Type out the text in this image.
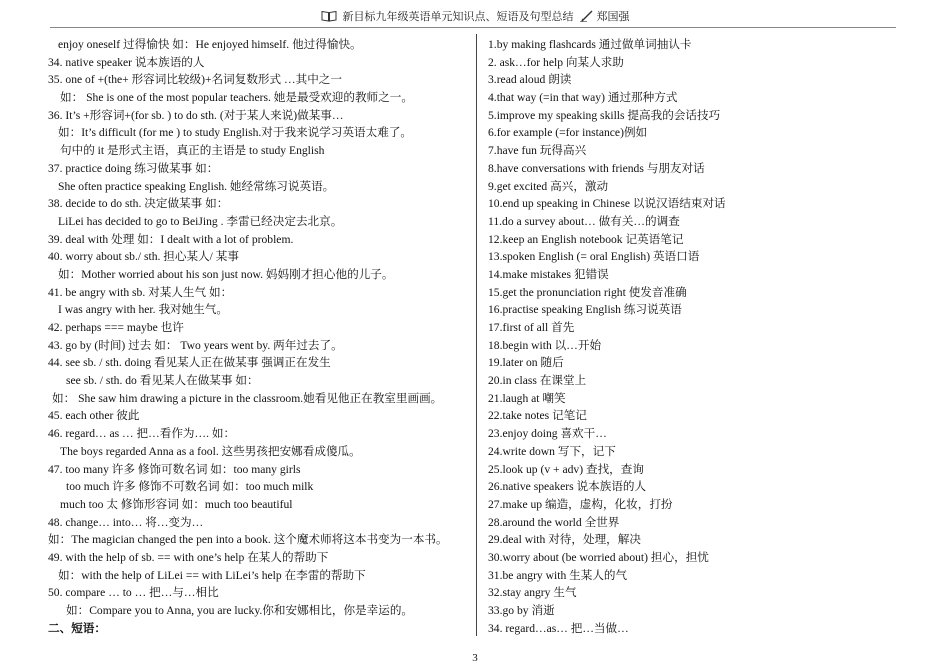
新目标九年级英语单元知识点、短语及句型总结 郑国强
enjoy oneself 过得愉快 如：He enjoyed himself. 他过得愉快。
34. native speaker 说本族语的人
35. one of +(the+ 形容词比较级)+名词复数形式 …其中之一
如： She is one of the most popular teachers. 她是最受欢迎的教师之一。
36. It’s +形容词+(for sb. ) to do sth. (对于某人来说)做某事…
如：It’s difficult (for me ) to study English.对于我来说学习英语太难了。
句中的 it 是形式主语，真正的主语是 to study English
37. practice doing 练习做某事 如：
She often practice speaking English. 她经常练习说英语。
38. decide to do sth. 决定做某事 如：
LiLei has decided to go to BeiJing . 李雷已经决定去北京。
39. deal with 处理 如：I dealt with a lot of problem.
40. worry about sb./ sth. 担心某人/ 某事
如：Mother worried about his son just now. 妈妈刚才担心他的儿子。
41. be angry with sb. 对某人生气 如：
I was angry with her. 我对她生气。
42. perhaps === maybe 也许
43. go by (时间) 过去 如： Two years went by. 两年过去了。
44. see sb. / sth. doing 看见某人正在做某事 强调正在发生
see sb. / sth. do 看见某人在做某事 如：
如： She saw him drawing a picture in the classroom.她看见他正在教室里画画。
45. each other 彼此
46. regard… as … 把…看作为…. 如：
The boys regarded Anna as a fool. 这些男孩把安娜看成傻瓜。
47. too many 许多 修饰可数名词 如：too many girls
too much 许多 修饰不可数名词 如：too much milk
much too 太 修饰形容词 如：much too beautiful
48. change… into… 将…变为…
如：The magician changed the pen into a book. 这个魔术师将这本书变为一本书。
49. with the help of sb. == with one’s help 在某人的帮助下
如：with the help of LiLei == with LiLei’s help 在李雷的帮助下
50. compare … to … 把…与…相比
如：Compare you to Anna, you are lucky.你和安娜相比，你是幸运的。
二、短语：
1.by making flashcards 通过做单词抽认卡
2. ask…for help 向某人求助
3.read aloud 朗读
4.that way (=in that way) 通过那种方式
5.improve my speaking skills 提高我的会话技巧
6.for example (=for instance)例如
7.have fun 玩得高兴
8.have conversations with friends 与朋友对话
9.get excited 高兴，激动
10.end up speaking in Chinese 以说汉语结束对话
11.do a survey about… 做有关…的调查
12.keep an English notebook 记英语笔记
13.spoken English (= oral English) 英语口语
14.make mistakes 犯错误
15.get the pronunciation right 使发音准确
16.practise speaking English 练习说英语
17.first of all 首先
18.begin with 以…开始
19.later on 随后
20.in class 在课堂上
21.laugh at 嘲笑
22.take notes 记笔记
23.enjoy doing 喜欢干…
24.write down 写下，记下
25.look up (v + adv) 查找，查询
26.native speakers 说本族语的人
27.make up 编造，虚构，化妆，打扮
28.around the world 全世界
29.deal with 对待，处理，解决
30.worry about (be worried about) 担心，担忧
31.be angry with 生某人的气
32.stay angry 生气
33.go by 消逝
34. regard…as… 把…当做…
3
